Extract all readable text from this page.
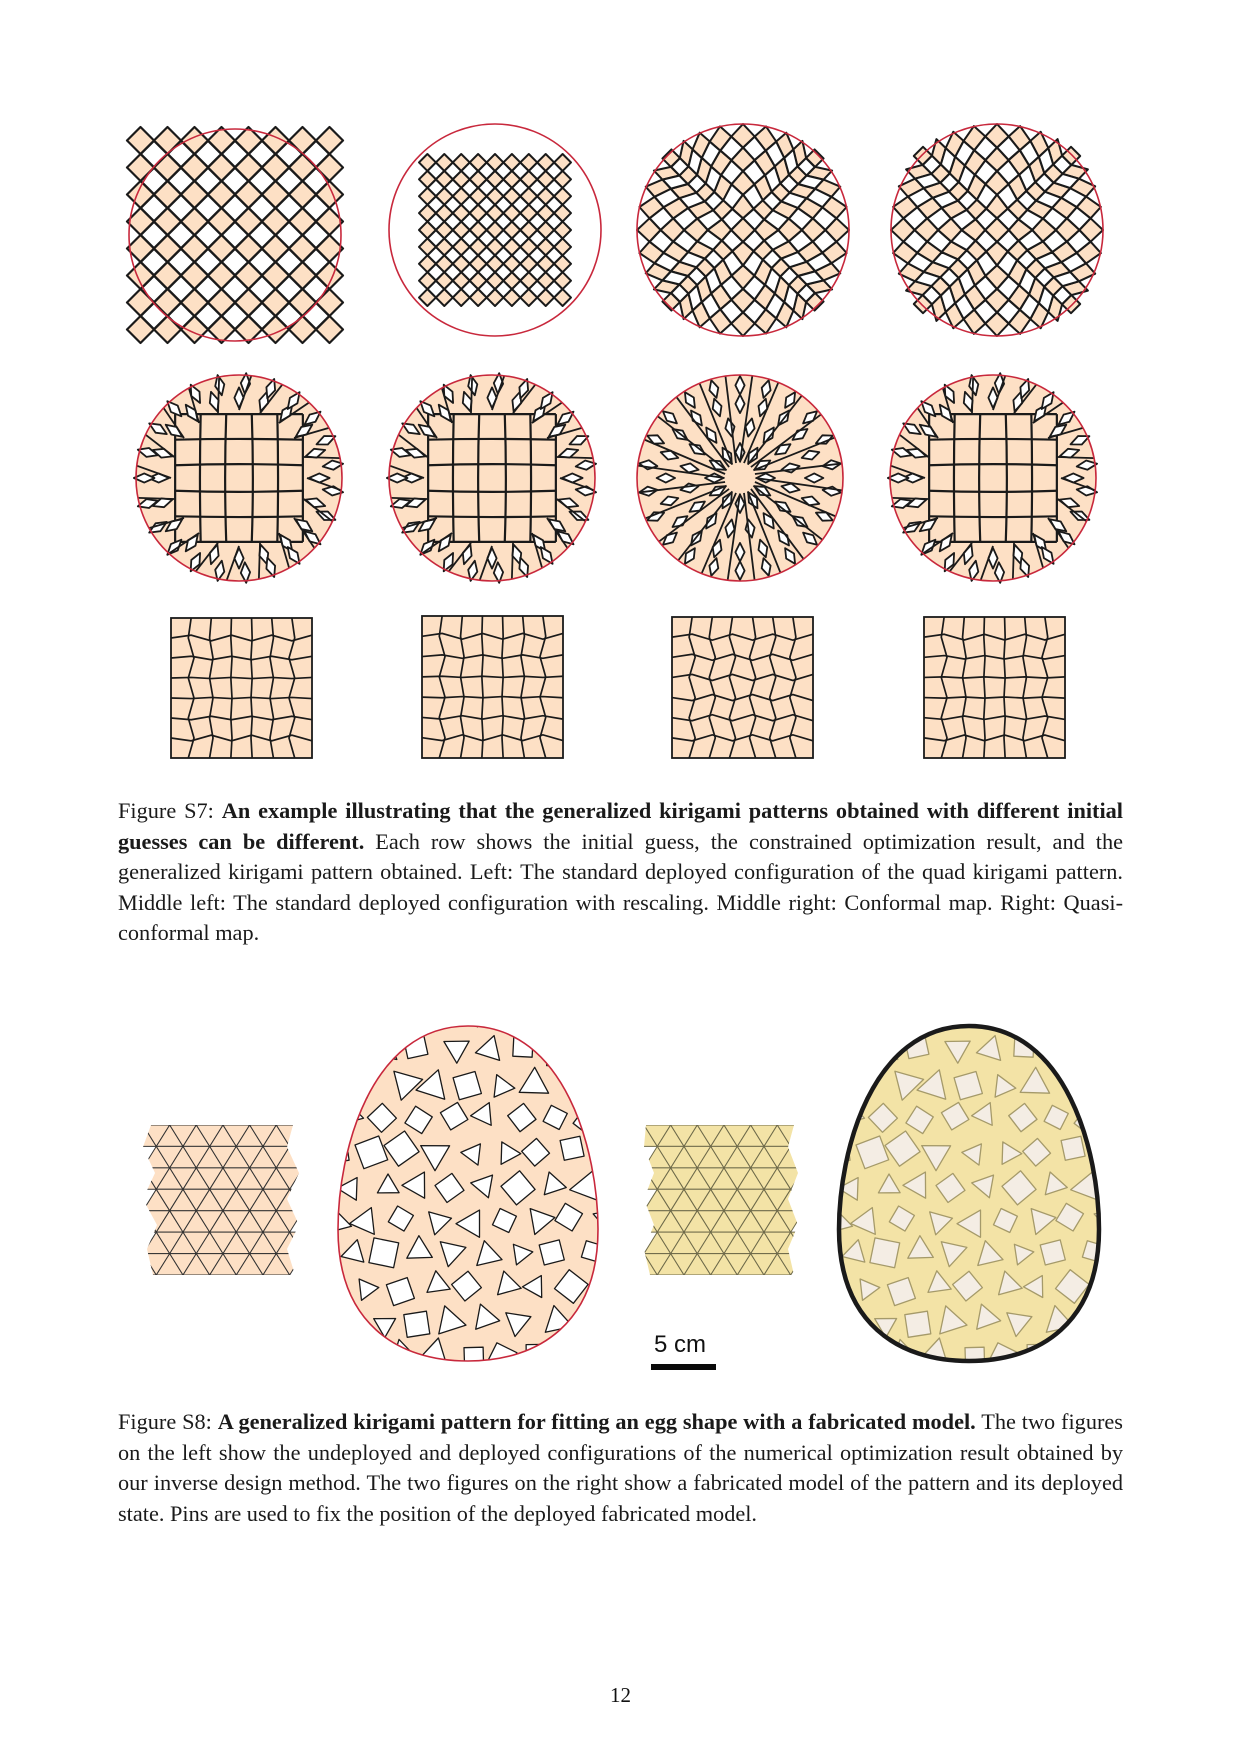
Figure S7: An example illustrating that the generalized kirigami patterns obtained with different initial guesses can be different. Each row shows the initial guess, the constrained optimization result, and the generalized kirigami pattern obtained. Left: The standard deployed configuration of the quad kirigami pattern. Middle left: The standard deployed configuration with rescaling. Middle right: Conformal map. Right: Quasi-conformal map.
5 cm
Figure S8: A generalized kirigami pattern for fitting an egg shape with a fabricated model. The two figures on the left show the undeployed and deployed configurations of the numerical optimization result obtained by our inverse design method. The two figures on the right show a fabricated model of the pattern and its deployed state. Pins are used to fix the position of the deployed fabricated model.
12
